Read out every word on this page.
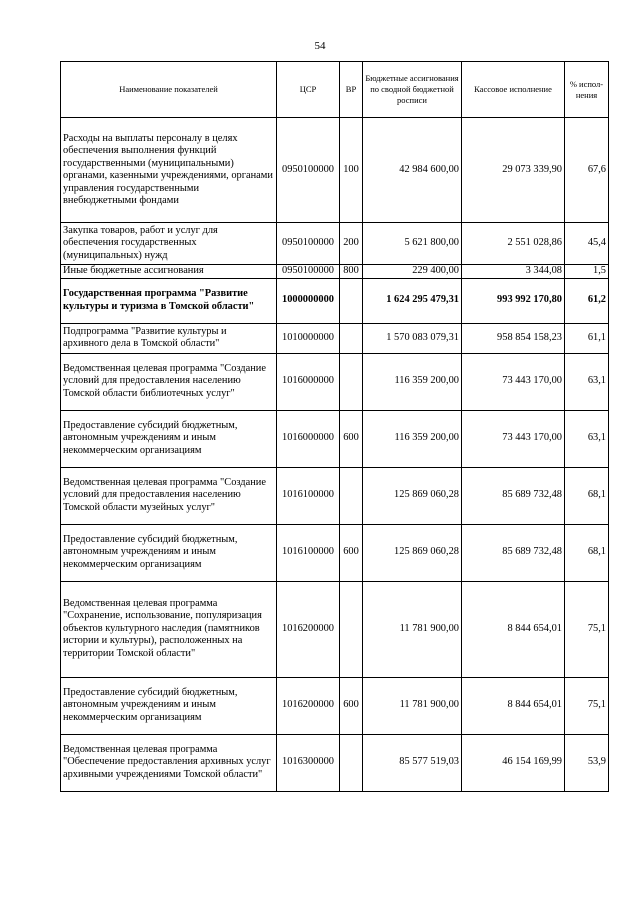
54
Наименование показателей	ЦСР	ВР	Бюджетные ассигнования по сводной бюджетной росписи	Кассовое исполнение	% испол-нения
Расходы на выплаты персоналу в целях обеспечения выполнения функций государственными (муниципальными) органами, казенными учреждениями, органами управления государственными внебюджетными фондами	0950100000	100	42 984 600,00	29 073 339,90	67,6
Закупка товаров, работ и услуг для обеспечения государственных (муниципальных) нужд	0950100000	200	5 621 800,00	2 551 028,86	45,4
Иные бюджетные ассигнования	0950100000	800	229 400,00	3 344,08	1,5
Государственная программа "Развитие культуры и туризма в Томской области"	1000000000		1 624 295 479,31	993 992 170,80	61,2
Подпрограмма "Развитие культуры и архивного дела в Томской области"	1010000000		1 570 083 079,31	958 854 158,23	61,1
Ведомственная целевая программа "Создание условий для предоставления населению Томской области библиотечных услуг"	1016000000		116 359 200,00	73 443 170,00	63,1
Предоставление субсидий бюджетным, автономным учреждениям и иным некоммерческим организациям	1016000000	600	116 359 200,00	73 443 170,00	63,1
Ведомственная целевая программа "Создание условий для предоставления населению Томской области музейных услуг"	1016100000		125 869 060,28	85 689 732,48	68,1
Предоставление субсидий бюджетным, автономным учреждениям и иным некоммерческим организациям	1016100000	600	125 869 060,28	85 689 732,48	68,1
Ведомственная целевая программа "Сохранение, использование, популяризация объектов культурного наследия (памятников истории и культуры), расположенных на территории Томской области"	1016200000		11 781 900,00	8 844 654,01	75,1
Предоставление субсидий бюджетным, автономным учреждениям и иным некоммерческим организациям	1016200000	600	11 781 900,00	8 844 654,01	75,1
Ведомственная целевая программа "Обеспечение предоставления архивных услуг архивными учреждениями Томской области"	1016300000		85 577 519,03	46 154 169,99	53,9
